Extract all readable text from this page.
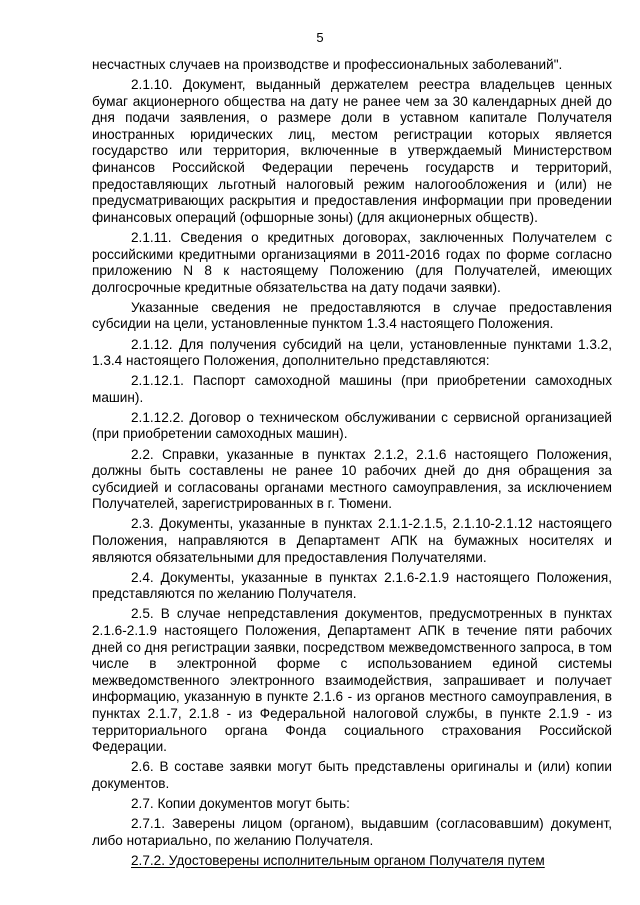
5

несчастных случаев на производстве и профессиональных заболеваний".

2.1.10. Документ, выданный держателем реестра владельцев ценных бумаг акционерного общества на дату не ранее чем за 30 календарных дней до дня подачи заявления, о размере доли в уставном капитале Получателя иностранных юридических лиц, местом регистрации которых является государство или территория, включенные в утверждаемый Министерством финансов Российской Федерации перечень государств и территорий, предоставляющих льготный налоговый режим налогообложения и (или) не предусматривающих раскрытия и предоставления информации при проведении финансовых операций (офшорные зоны) (для акционерных обществ).

2.1.11. Сведения о кредитных договорах, заключенных Получателем с российскими кредитными организациями в 2011-2016 годах по форме согласно приложению N 8 к настоящему Положению (для Получателей, имеющих долгосрочные кредитные обязательства на дату подачи заявки).

Указанные сведения не предоставляются в случае предоставления субсидии на цели, установленные пунктом 1.3.4 настоящего Положения.

2.1.12. Для получения субсидий на цели, установленные пунктами 1.3.2, 1.3.4 настоящего Положения, дополнительно представляются:

2.1.12.1. Паспорт самоходной машины (при приобретении самоходных машин).

2.1.12.2. Договор о техническом обслуживании с сервисной организацией (при приобретении самоходных машин).

2.2. Справки, указанные в пунктах 2.1.2, 2.1.6 настоящего Положения, должны быть составлены не ранее 10 рабочих дней до дня обращения за субсидией и согласованы органами местного самоуправления, за исключением Получателей, зарегистрированных в г. Тюмени.

2.3. Документы, указанные в пунктах 2.1.1-2.1.5, 2.1.10-2.1.12 настоящего Положения, направляются в Департамент АПК на бумажных носителях и являются обязательными для предоставления Получателями.

2.4. Документы, указанные в пунктах 2.1.6-2.1.9 настоящего Положения, представляются по желанию Получателя.

2.5. В случае непредставления документов, предусмотренных в пунктах 2.1.6-2.1.9 настоящего Положения, Департамент АПК в течение пяти рабочих дней со дня регистрации заявки, посредством межведомственного запроса, в том числе в электронной форме с использованием единой системы межведомственного электронного взаимодействия, запрашивает и получает информацию, указанную в пункте 2.1.6 - из органов местного самоуправления, в пунктах 2.1.7, 2.1.8 - из Федеральной налоговой службы, в пункте 2.1.9 - из территориального органа Фонда социального страхования Российской Федерации.

2.6. В составе заявки могут быть представлены оригиналы и (или) копии документов.

2.7. Копии документов могут быть:

2.7.1. Заверены лицом (органом), выдавшим (согласовавшим) документ, либо нотариально, по желанию Получателя.

2.7.2. Удостоверены исполнительным органом Получателя путем
